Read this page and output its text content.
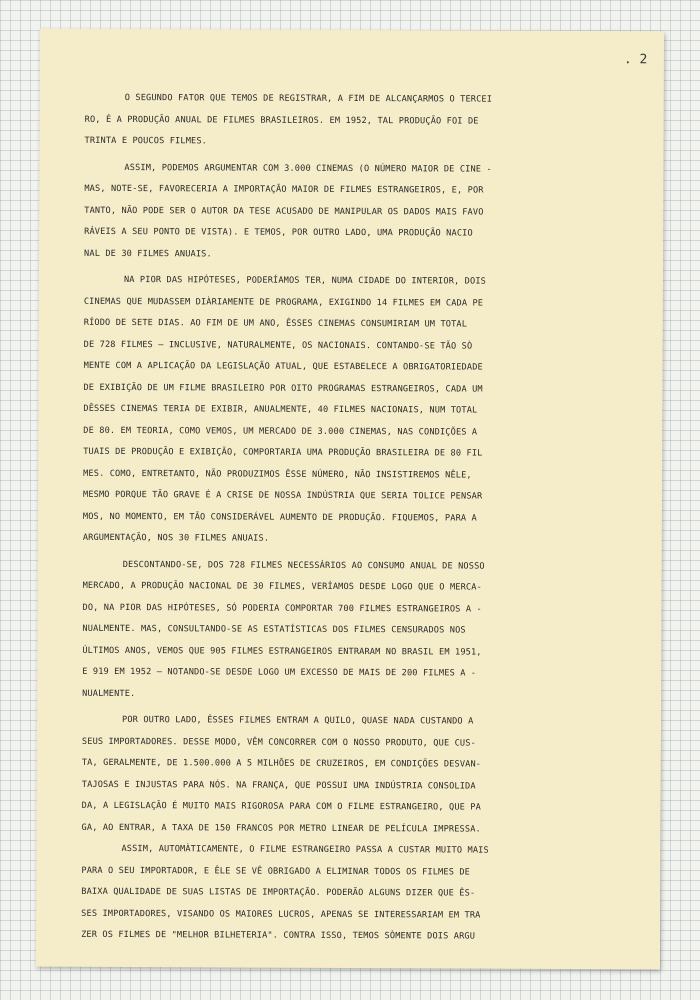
. 2

O SEGUNDO FATOR QUE TEMOS DE REGISTRAR, A FIM DE ALCANÇARMOS O TERCEI

RO, É A PRODUÇÃO ANUAL DE FILMES BRASILEIROS. EM 1952, TAL PRODUÇÃO FOI DE

TRINTA E POUCOS FILMES.

ASSIM, PODEMOS ARGUMENTAR COM 3.000 CINEMAS (O NÚMERO MAIOR DE CINE -

MAS, NOTE-SE, FAVORECERIA A IMPORTAÇÃO MAIOR DE FILMES ESTRANGEIROS, E, POR

TANTO, NÃO PODE SER O AUTOR DA TESE ACUSADO DE MANIPULAR OS DADOS MAIS FAVO

RÁVEIS A SEU PONTO DE VISTA). E TEMOS, POR OUTRO LADO, UMA PRODUÇÃO NACIO

NAL DE 30 FILMES ANUAIS.

NA PIOR DAS HIPÓTESES, PODERÍAMOS TER, NUMA CIDADE DO INTERIOR, DOIS

CINEMAS QUE MUDASSEM DIÀRIAMENTE DE PROGRAMA, EXIGINDO 14 FILMES EM CADA PE

RÍODO DE SETE DIAS. AO FIM DE UM ANO, ÊSSES CINEMAS CONSUMIRIAM UM TOTAL

DE 728 FILMES — INCLUSIVE, NATURALMENTE, OS NACIONAIS. CONTANDO-SE TÃO SÒ

MENTE COM A APLICAÇÃO DA LEGISLAÇÃO ATUAL, QUE ESTABELECE A OBRIGATORIEDADE

DE EXIBIÇÃO DE UM FILME BRASILEIRO POR OITO PROGRAMAS ESTRANGEIROS, CADA UM

DÊSSES CINEMAS TERIA DE EXIBIR, ANUALMENTE, 40 FILMES NACIONAIS, NUM TOTAL

DE 80. EM TEORIA, COMO VEMOS, UM MERCADO DE 3.000 CINEMAS, NAS CONDIÇÕES A

TUAIS DE PRODUÇÃO E EXIBIÇÃO, COMPORTARIA UMA PRODUÇÃO BRASILEIRA DE 80 FIL

MES. COMO, ENTRETANTO, NÃO PRODUZIMOS ÊSSE NÚMERO, NÃO INSISTIREMOS NÊLE,

MESMO PORQUE TÃO GRAVE É A CRISE DE NOSSA INDÚSTRIA QUE SERIA TOLICE PENSAR

MOS, NO MOMENTO, EM TÃO CONSIDERÁVEL AUMENTO DE PRODUÇÃO. FIQUEMOS, PARA A

ARGUMENTAÇÃO, NOS 30 FILMES ANUAIS.

DESCONTANDO-SE, DOS 728 FILMES NECESSÁRIOS AO CONSUMO ANUAL DE NOSSO

MERCADO, A PRODUÇÃO NACIONAL DE 30 FILMES, VERÍAMOS DESDE LOGO QUE O MERCA-

DO, NA PIOR DAS HIPÓTESES, SÓ PODERIA COMPORTAR 700 FILMES ESTRANGEIROS A -

NUALMENTE. MAS, CONSULTANDO-SE AS ESTATÍSTICAS DOS FILMES CENSURADOS NOS

ÚLTIMOS ANOS, VEMOS QUE 905 FILMES ESTRANGEIROS ENTRARAM NO BRASIL EM 1951,

E 919 EM 1952 — NOTANDO-SE DESDE LOGO UM EXCESSO DE MAIS DE 200 FILMES A -

NUALMENTE.

POR OUTRO LADO, ÊSSES FILMES ENTRAM A QUILO, QUASE NADA CUSTANDO A

SEUS IMPORTADORES. DESSE MODO, VÊM CONCORRER COM O NOSSO PRODUTO, QUE CUS-

TA, GERALMENTE, DE 1.500.000 A 5 MILHÕES DE CRUZEIROS, EM CONDIÇÕES DESVAN-

TAJOSAS E INJUSTAS PARA NÓS. NA FRANÇA, QUE POSSUI UMA INDÚSTRIA CONSOLIDA

DA, A LEGISLAÇÃO É MUITO MAIS RIGOROSA PARA COM O FILME ESTRANGEIRO, QUE PA

GA, AO ENTRAR, A TAXA DE 150 FRANCOS POR METRO LINEAR DE PELÍCULA IMPRESSA.

ASSIM, AUTOMÀTICAMENTE, O FILME ESTRANGEIRO PASSA A CUSTAR MUITO MAIS

PARA O SEU IMPORTADOR, E ÊLE SE VÊ OBRIGADO A ELIMINAR TODOS OS FILMES DE

BAIXA QUALIDADE DE SUAS LISTAS DE IMPORTAÇÃO. PODERÃO ALGUNS DIZER QUE ÊS-

SES IMPORTADORES, VISANDO OS MAIORES LUCROS, APENAS SE INTERESSARIAM EM TRA

ZER OS FILMES DE "MELHOR BILHETERIA". CONTRA ISSO, TEMOS SÒMENTE DOIS ARGU
